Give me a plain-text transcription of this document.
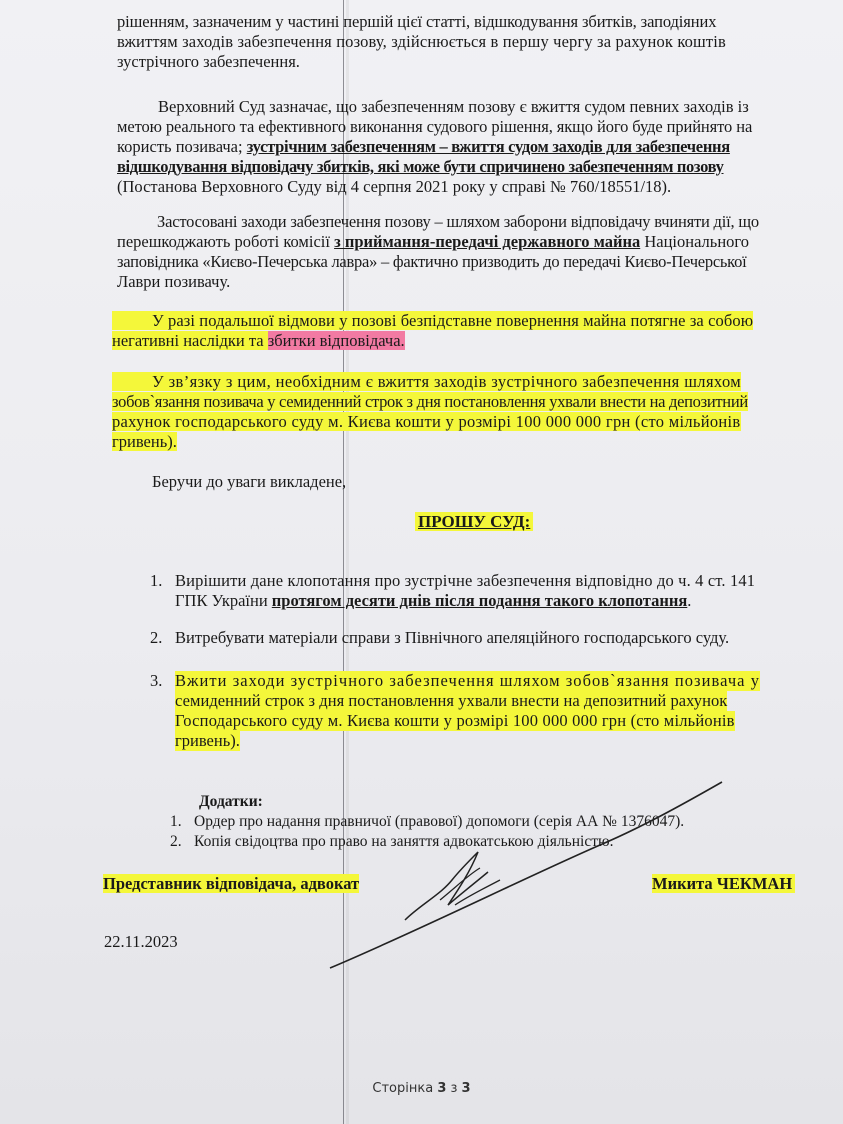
рішенням, зазначеним у частині першій цієї статті, відшкодування збитків, заподіяних
вжиттям заходів забезпечення позову, здійснюється в першу чергу за рахунок коштів
зустрічного забезпечення.
Верховний Суд зазначає, що забезпеченням позову є вжиття судом певних заходів із
метою реального та ефективного виконання судового рішення, якщо його буде прийнято на
користь позивача; зустрічним забезпеченням – вжиття судом заходів для забезпечення
відшкодування відповідачу збитків, які може бути спричинено забезпеченням позову
(Постанова Верховного Суду від 4 серпня 2021 року у справі № 760/18551/18).
Застосовані заходи забезпечення позову – шляхом заборони відповідачу вчиняти дії, що
перешкоджають роботі комісії з приймання-передачі державного майна Національного
заповідника «Києво-Печерська лавра» – фактично призводить до передачі Києво-Печерської
Лаври позивачу.
У разі подальшої відмови у позові безпідставне повернення майна потягне за собою
негативні наслідки та збитки відповідача.
У зв’язку з цим, необхідним є вжиття заходів зустрічного забезпечення шляхом
зобов`язання позивача у семиденний строк з дня постановлення ухвали внести на депозитний
рахунок господарського суду м. Києва кошти у розмірі 100 000 000 грн (сто мільйонів
гривень).
Беручи до уваги викладене,
ПРОШУ СУД:
1. Вирішити дане клопотання про зустрічне забезпечення відповідно до ч. 4 ст. 141
ГПК України протягом десяти днів після подання такого клопотання.
2. Витребувати матеріали справи з Північного апеляційного господарського суду.
3. Вжити заходи зустрічного забезпечення шляхом зобов`язання позивача у
семиденний строк з дня постановлення ухвали внести на депозитний рахунок
Господарського суду м. Києва кошти у розмірі 100 000 000 грн (сто мільйонів
гривень).
Додатки:
1. Ордер про надання правничої (правової) допомоги (серія АА № 1376047).
2. Копія свідоцтва про право на заняття адвокатською діяльністю.
Представник відповідача, адвокат	Микита ЧЕКМАН
22.11.2023
Сторінка 3 з 3
